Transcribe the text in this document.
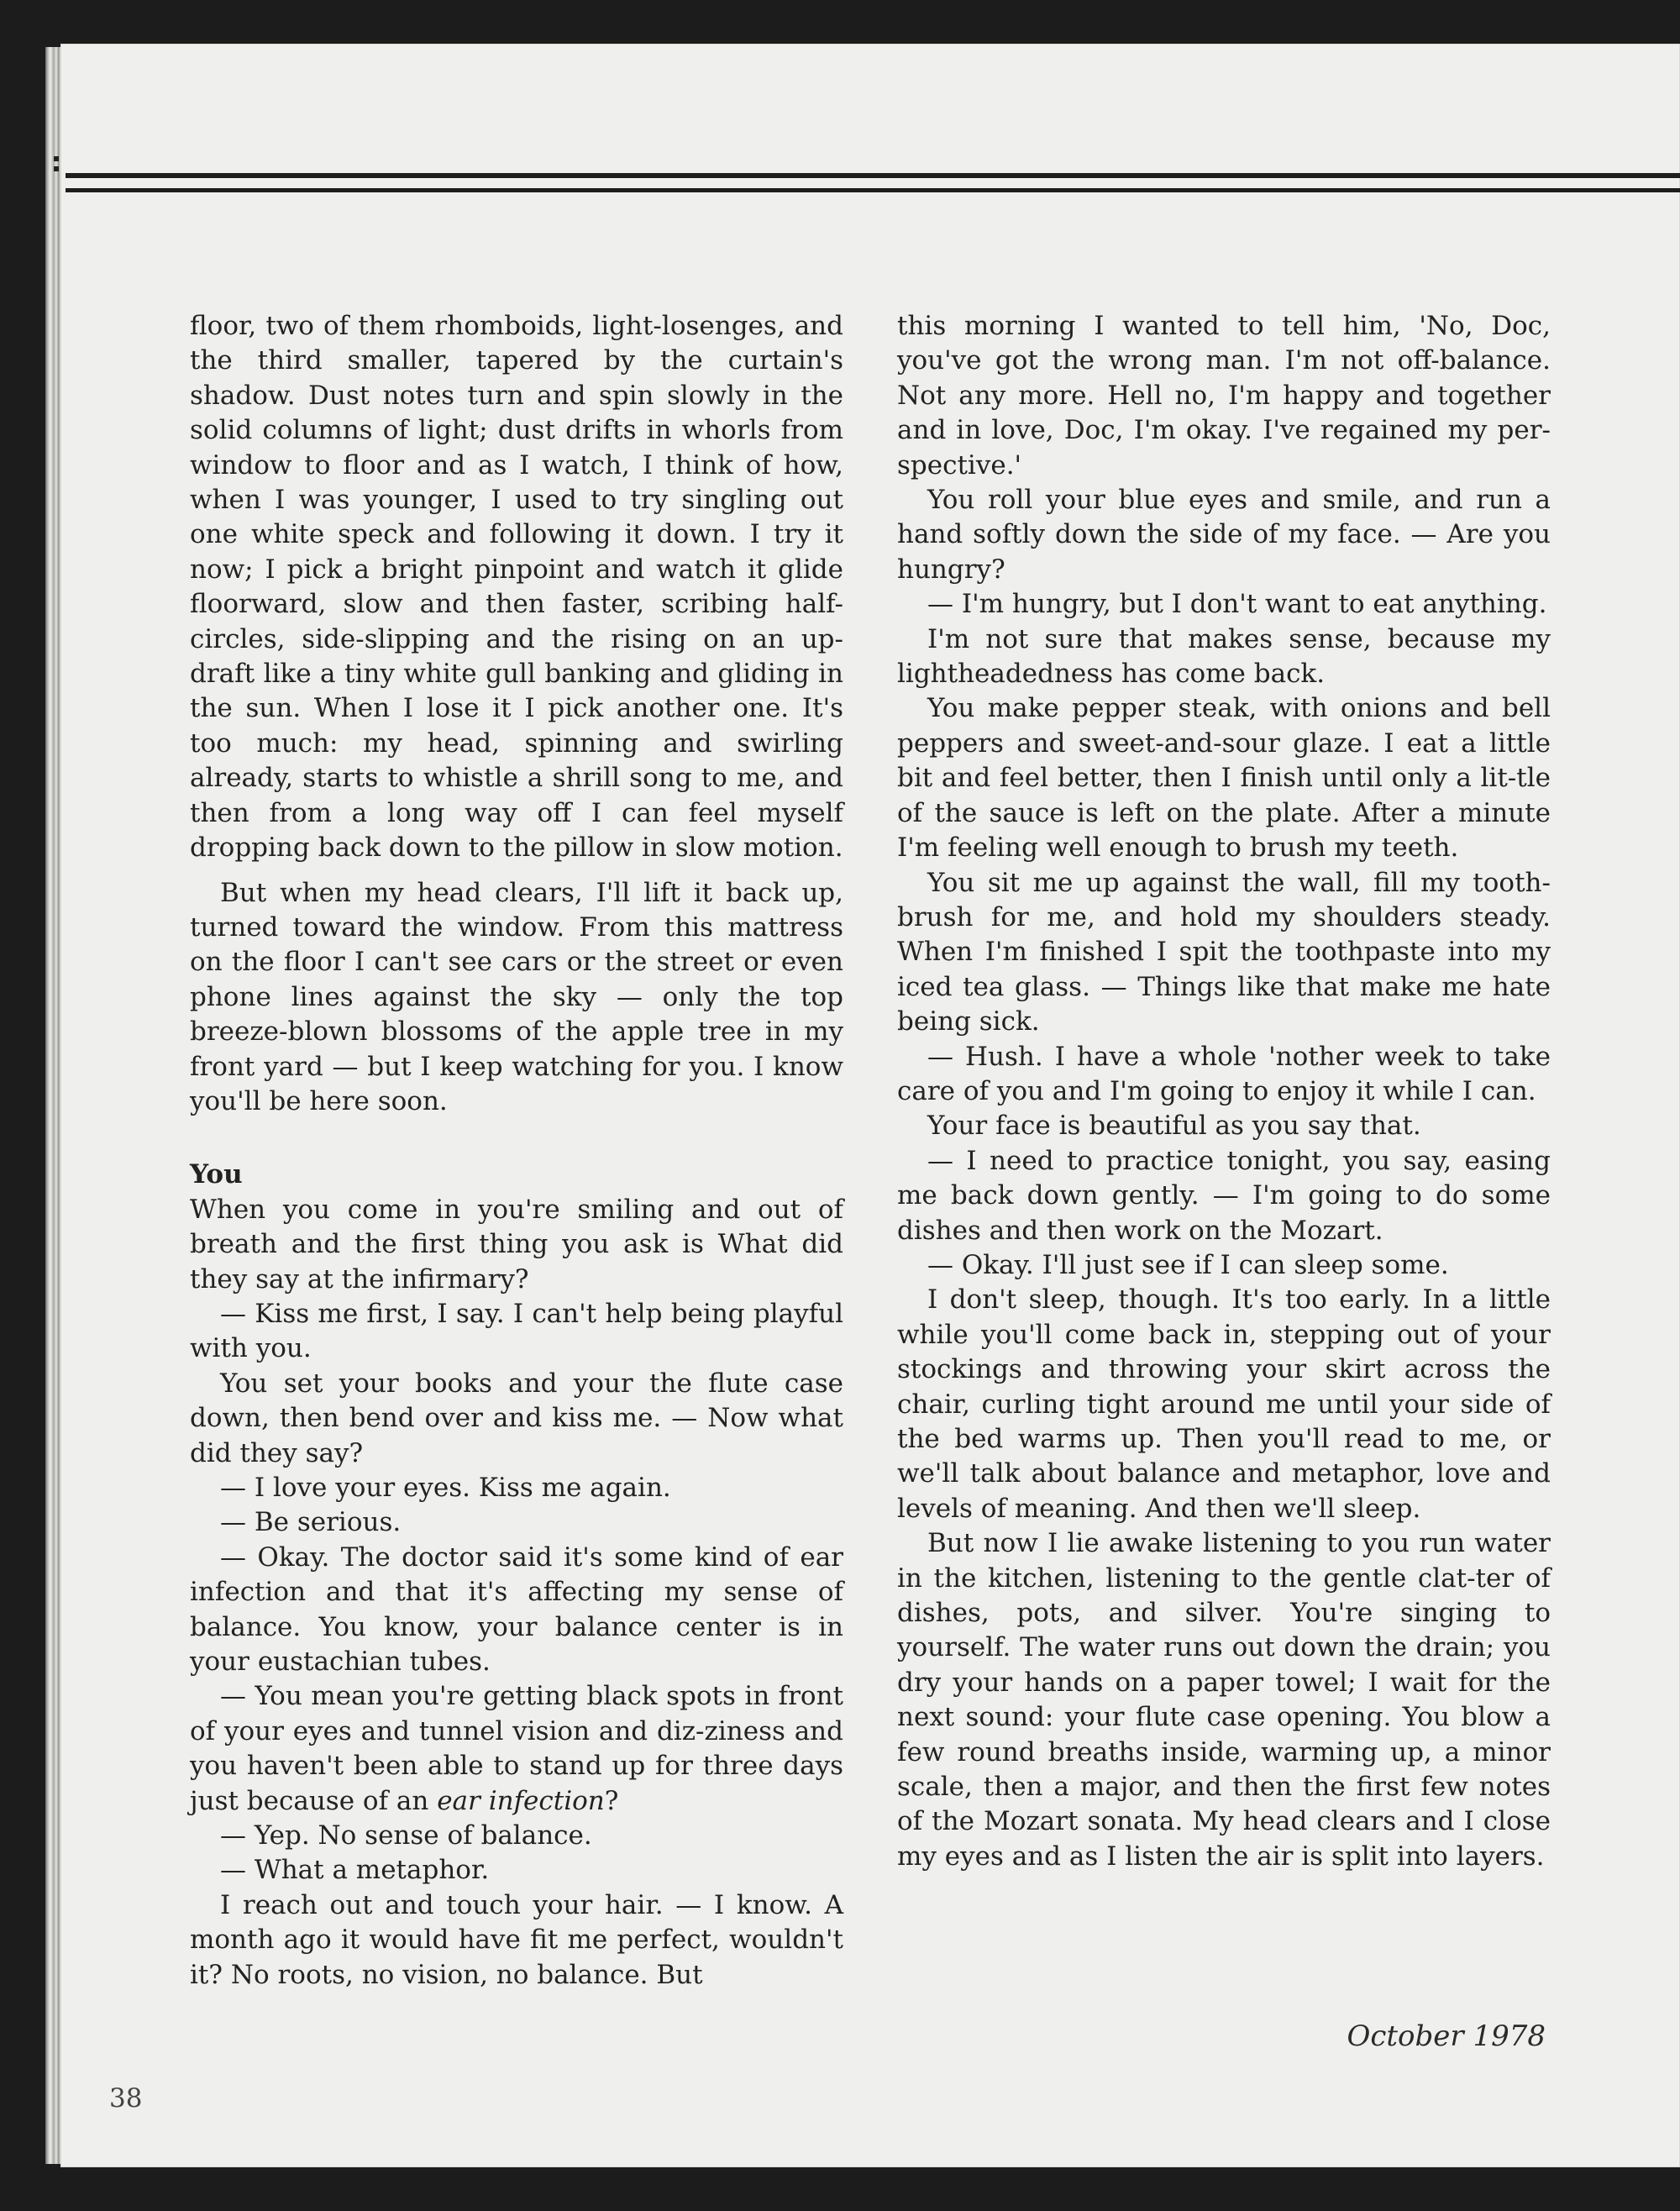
floor, two of them rhomboids, light-losenges, and the third smaller, tapered by the curtain's shadow. Dust notes turn and spin slowly in the solid columns of light; dust drifts in whorls from window to floor and as I watch, I think of how, when I was younger, I used to try singling out one white speck and following it down. I try it now; I pick a bright pinpoint and watch it glide floorward, slow and then faster, scribing half-circles, side-slipping and the rising on an up-draft like a tiny white gull banking and gliding in the sun. When I lose it I pick another one. It's too much: my head, spinning and swirling already, starts to whistle a shrill song to me, and then from a long way off I can feel myself dropping back down to the pillow in slow motion.

But when my head clears, I'll lift it back up, turned toward the window. From this mattress on the floor I can't see cars or the street or even phone lines against the sky — only the top breeze-blown blossoms of the apple tree in my front yard — but I keep watching for you. I know you'll be here soon.

You

When you come in you're smiling and out of breath and the first thing you ask is What did they say at the infirmary?

— Kiss me first, I say. I can't help being playful with you.

You set your books and your the flute case down, then bend over and kiss me. — Now what did they say?

— I love your eyes. Kiss me again.

— Be serious.

— Okay. The doctor said it's some kind of ear infection and that it's affecting my sense of balance. You know, your balance center is in your eustachian tubes.

— You mean you're getting black spots in front of your eyes and tunnel vision and diz-ziness and you haven't been able to stand up for three days just because of an ear infection?

— Yep. No sense of balance.

— What a metaphor.

I reach out and touch your hair. — I know. A month ago it would have fit me perfect, wouldn't it? No roots, no vision, no balance. But

this morning I wanted to tell him, 'No, Doc, you've got the wrong man. I'm not off-balance. Not any more. Hell no, I'm happy and together and in love, Doc, I'm okay. I've regained my per-spective.'

You roll your blue eyes and smile, and run a hand softly down the side of my face. — Are you hungry?

— I'm hungry, but I don't want to eat anything.

I'm not sure that makes sense, because my lightheadedness has come back.

You make pepper steak, with onions and bell peppers and sweet-and-sour glaze. I eat a little bit and feel better, then I finish until only a lit-tle of the sauce is left on the plate. After a minute I'm feeling well enough to brush my teeth.

You sit me up against the wall, fill my tooth-brush for me, and hold my shoulders steady. When I'm finished I spit the toothpaste into my iced tea glass. — Things like that make me hate being sick.

— Hush. I have a whole 'nother week to take care of you and I'm going to enjoy it while I can.

Your face is beautiful as you say that.

— I need to practice tonight, you say, easing me back down gently. — I'm going to do some dishes and then work on the Mozart.

— Okay. I'll just see if I can sleep some.

I don't sleep, though. It's too early. In a little while you'll come back in, stepping out of your stockings and throwing your skirt across the chair, curling tight around me until your side of the bed warms up. Then you'll read to me, or we'll talk about balance and metaphor, love and levels of meaning. And then we'll sleep.

But now I lie awake listening to you run water in the kitchen, listening to the gentle clat-ter of dishes, pots, and silver. You're singing to yourself. The water runs out down the drain; you dry your hands on a paper towel; I wait for the next sound: your flute case opening. You blow a few round breaths inside, warming up, a minor scale, then a major, and then the first few notes of the Mozart sonata. My head clears and I close my eyes and as I listen the air is split into layers.

October 1978
38
